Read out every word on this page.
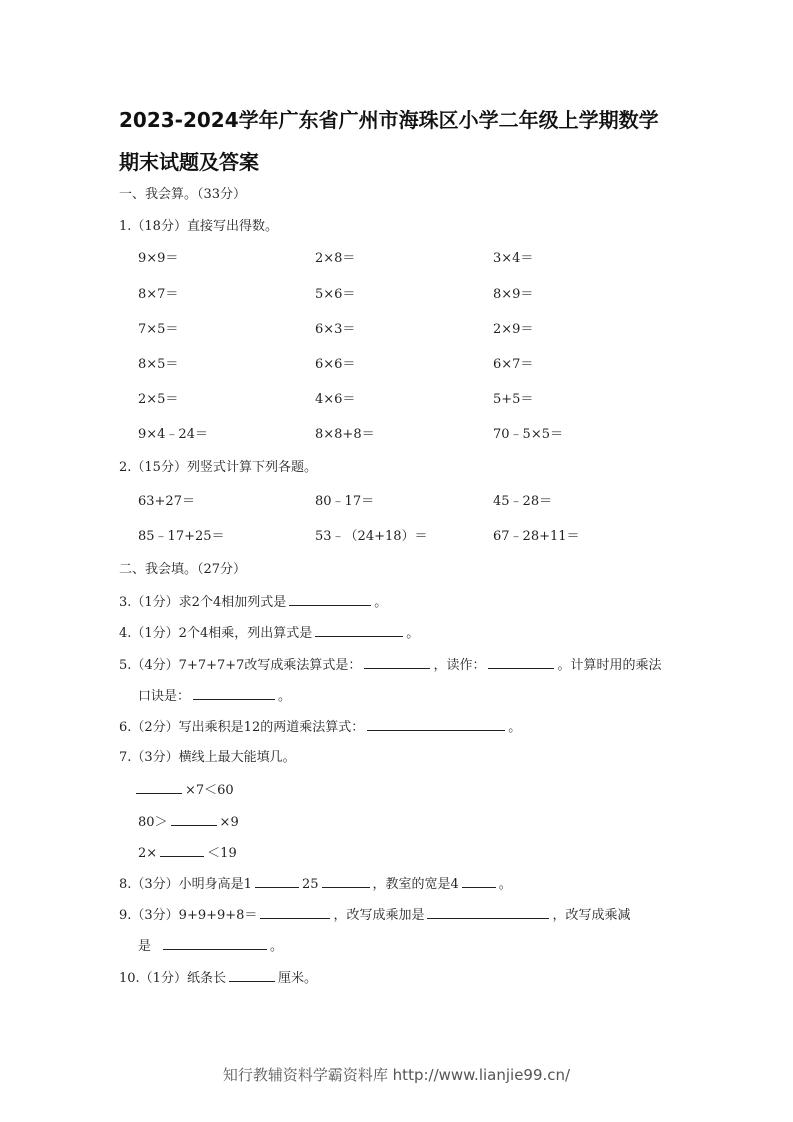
2023-2024学年广东省广州市海珠区小学二年级上学期数学
期末试题及答案
一、我会算。（33分）
1.（18分）直接写出得数。
9×9＝	2×8＝	3×4＝
8×7＝	5×6＝	8×9＝
7×5＝	6×3＝	2×9＝
8×5＝	6×6＝	6×7＝
2×5＝	4×6＝	5+5＝
9×4﹣24＝	8×8+8＝	70﹣5×5＝
2.（15分）列竖式计算下列各题。
63+27＝	80﹣17＝	45﹣28＝
85﹣17+25＝	53﹣（24+18）＝	67﹣28+11＝
二、我会填。（27分）
3.（1分）求2个4相加列式是	。
4.（1分）2个4相乘，列出算式是	。
5.（4分）7+7+7+7改写成乘法算式是：	，读作：	。计算时用的乘法
口诀是：	。
6.（2分）写出乘积是12的两道乘法算式：	。
7.（3分）横线上最大能填几。
×7＜60
80＞	×9
2×	＜19
8.（3分）小明身高是1	25	，教室的宽是4	。
9.（3分）9+9+9+8＝	，改写成乘加是	，改写成乘减
是	。
10.（1分）纸条长	厘米。
知行教辅资料学霸资料库 http://www.lianjie99.cn/
